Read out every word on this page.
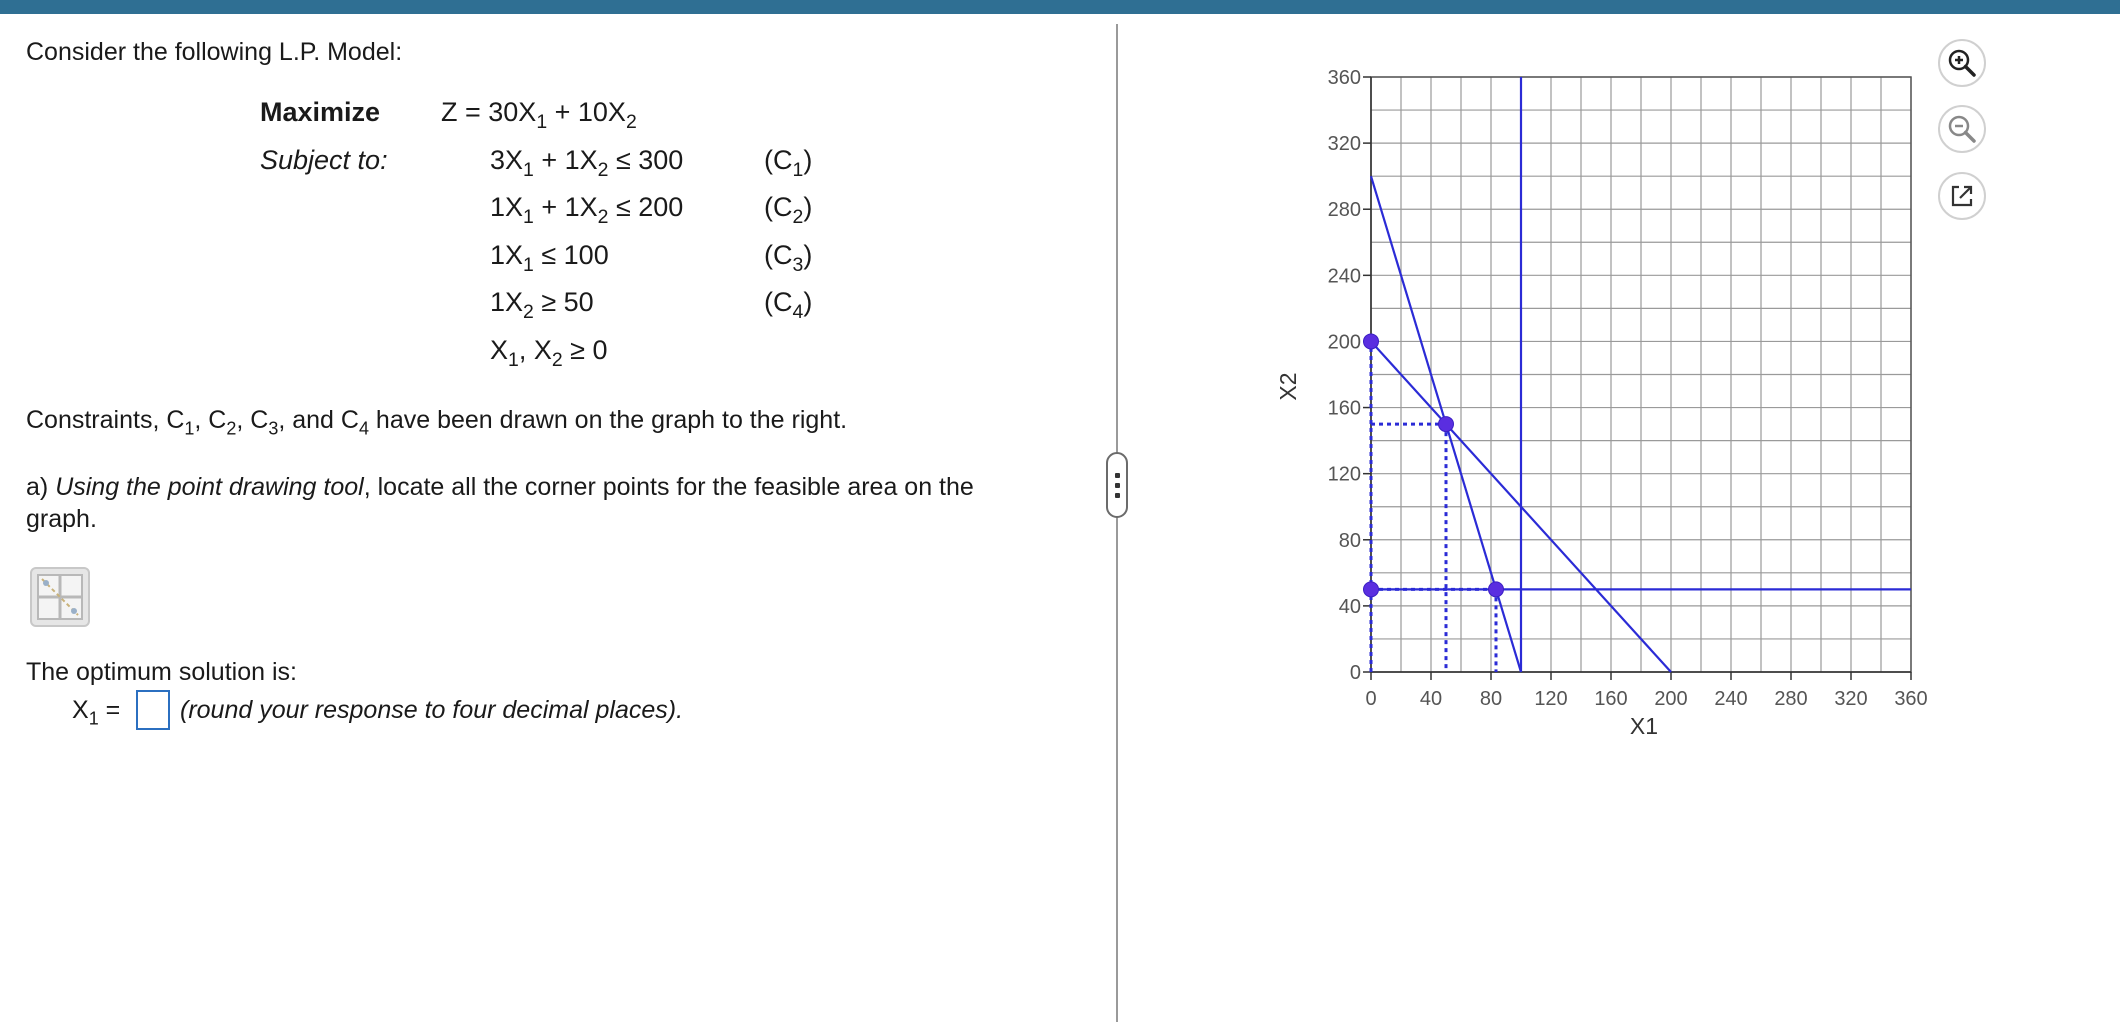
Consider the following L.P. Model:
Maximize $Z = 30X_1 + 10X_2$
Subject to:	$3X_1 + 1X_2 \le 300$	$(C_1)$
$1X_1 + 1X_2 \le 200$	$(C_2)$
$1X_1 \le 100$	$(C_3)$
$1X_2 \ge 50$	$(C_4)$
$X_1$, $X_2 \ge 0$
Constraints, $C_1$, $C_2$, $C_3$, and $C_4$ have been drawn on the graph to the right.
a) Using the point drawing tool, locate all the corner points for the feasible area on the
graph.
The optimum solution is:
$X_1$ = (round your response to four decimal places).	0 40 80 120 160 200 240 280 320 360
0
40
80
120
160
200
240
280
320
360
X1
X2
